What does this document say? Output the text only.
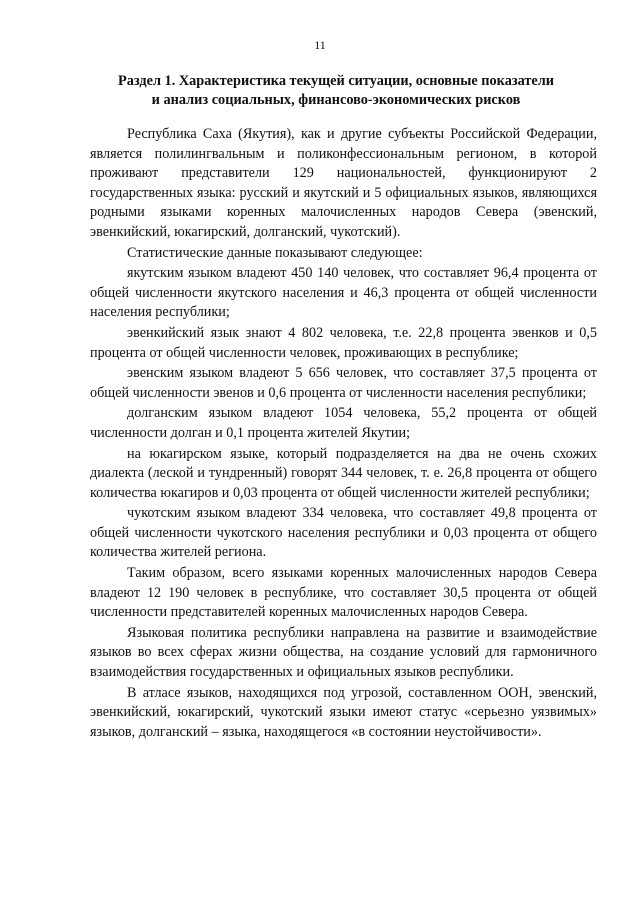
11
Раздел 1. Характеристика текущей ситуации, основные показатели
и анализ социальных, финансово-экономических рисков

Республика Саха (Якутия), как и другие субъекты Российской Федерации, является полилингвальным и поликонфессиональным регионом, в которой проживают представители 129 национальностей, функционируют 2 государственных языка: русский и якутский и 5 официальных языков, являющихся родными языками коренных малочисленных народов Севера (эвенский, эвенкийский, юкагирский, долганский, чукотский).

Статистические данные показывают следующее:

якутским языком владеют 450 140 человек, что составляет 96,4 процента от общей численности якутского населения и 46,3 процента от общей численности населения республики;

эвенкийский язык знают 4 802 человека, т.е. 22,8 процента эвенков и 0,5 процента от общей численности человек, проживающих в республике;

эвенским языком владеют 5 656 человек, что составляет 37,5 процента от общей численности эвенов и 0,6 процента от численности населения республики;

долганским языком владеют 1054 человека, 55,2 процента от общей численности долган и 0,1 процента жителей Якутии;

на юкагирском языке, который подразделяется на два не очень схожих диалекта (леской и тундренный) говорят 344 человек, т. е. 26,8 процента от общего количества юкагиров и 0,03 процента от общей численности жителей республики;

чукотским языком владеют 334 человека, что составляет 49,8 процента от общей численности чукотского населения республики и 0,03 процента от общего количества жителей региона.

Таким образом, всего языками коренных малочисленных народов Севера владеют 12 190 человек в республике, что составляет 30,5 процента от общей численности представителей коренных малочисленных народов Севера.

Языковая политика республики направлена на развитие и взаимодействие языков во всех сферах жизни общества, на создание условий для гармоничного взаимодействия государственных и официальных языков республики.

В атласе языков, находящихся под угрозой, составленном ООН, эвенский, эвенкийский, юкагирский, чукотский языки имеют статус «серьезно уязвимых» языков, долганский – языка, находящегося «в состоянии неустойчивости».
